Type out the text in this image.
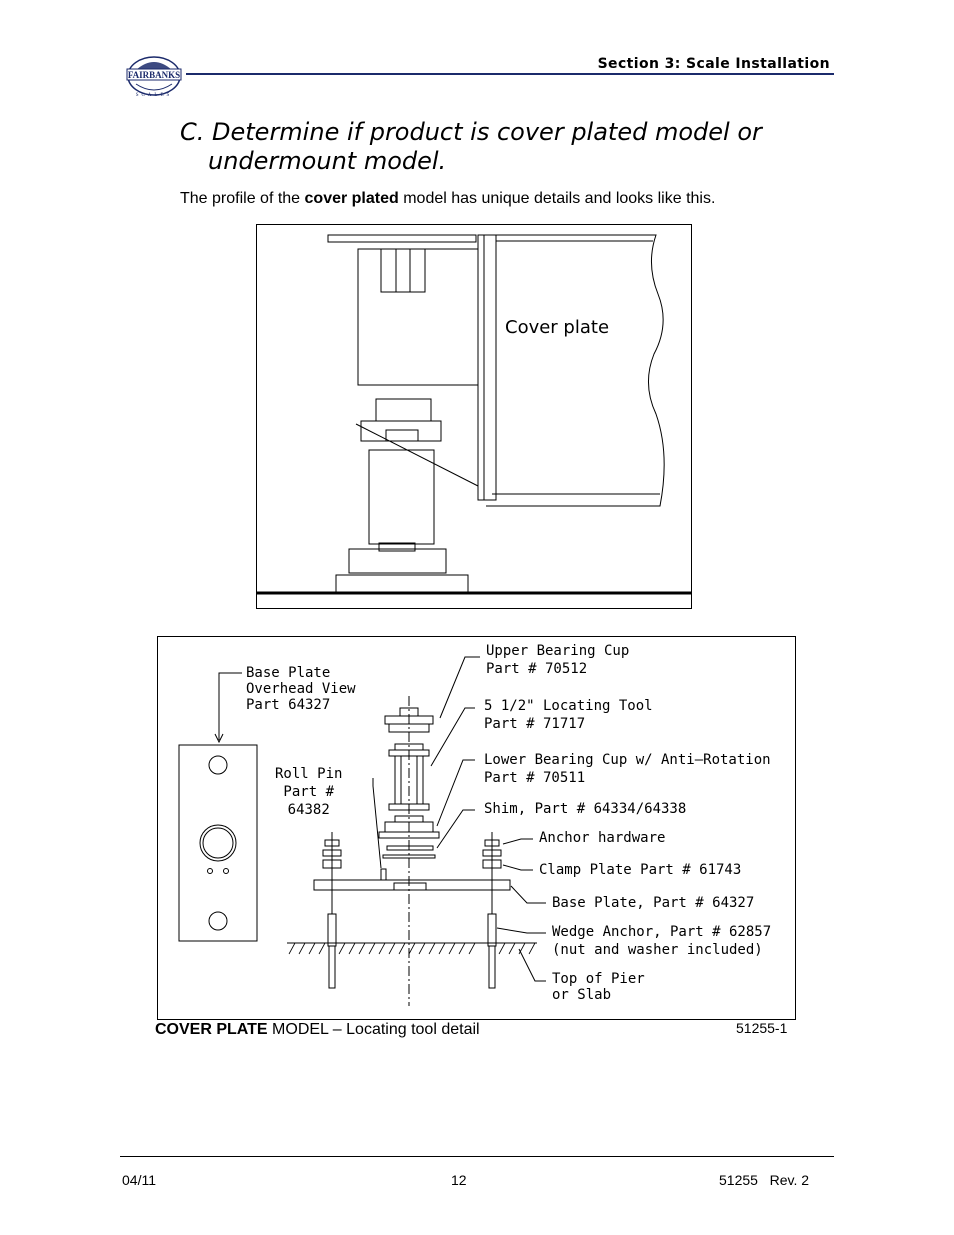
FAIRBANKS
SCALES
Section 3: Scale Installation
C. Determine if product is cover plated model or
undermount model.
The profile of the cover plated model has unique details and looks like this.
Cover plate
Base Plate
Overhead View
Part 64327
Roll Pin
Part #
64382
Upper Bearing Cup
Part # 70512
5 1/2" Locating Tool
Part # 71717
Lower Bearing Cup w/ Anti—Rotation
Part # 70511
Shim, Part # 64334/64338
Anchor hardware
Clamp Plate Part # 61743
Base Plate, Part # 64327
Wedge Anchor, Part # 62857
(nut and washer included)
Top of Pier
or Slab
COVER PLATE MODEL – Locating tool detail	51255-1
04/11	12	51255   Rev. 2
